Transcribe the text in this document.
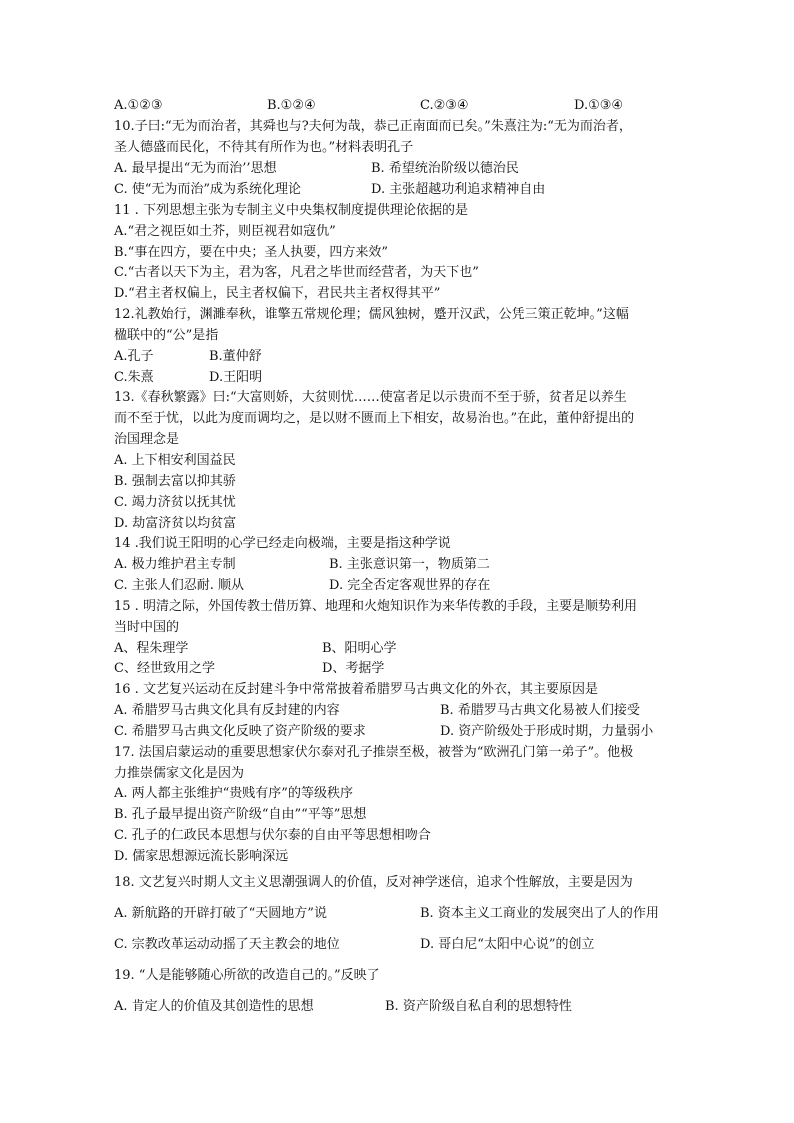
A.①②③	B.①②④	C.②③④	D.①③④
10.子曰:“无为而治者，其舜也与?夫何为哉，恭己正南面而已矣。”朱熹注为:“无为而治者，
圣人德盛而民化，不待其有所作为也。”材料表明孔子
A. 最早提出“无为而治’’思想	B. 希望统治阶级以德治民
C. 使“无为而治”成为系统化理论	D. 主张超越功利追求精神自由
11 . 下列思想主张为专制主义中央集权制度提供理论依据的是
A.“君之视臣如土芥，则臣视君如寇仇”
B.“事在四方，要在中央；圣人执要，四方来效”
C.“古者以天下为主，君为客，凡君之毕世而经营者，为天下也”
D.“君主者权偏上，民主者权偏下，君民共主者权得其平”
12.礼教始行，渊濉奉秋，谁擎五常规伦理；儒风独树，蹙开汉武，公凭三策正乾坤。”这幅
楹联中的“公”是指
A.孔子	B.董仲舒
C.朱熹	D.王阳明
13.《春秋繁露》曰:“大富则娇，大贫则忧……使富者足以示贵而不至于骄，贫者足以养生
而不至于忧，以此为度而调均之，是以财不匮而上下相安，故易治也。”在此，董仲舒提出的
治国理念是
A. 上下相安利国益民
B. 强制去富以抑其骄
C. 竭力济贫以抚其忧
D. 劫富济贫以均贫富
14 .我们说王阳明的心学已经走向极端，主要是指这种学说
A. 极力维护君主专制	B. 主张意识第一，物质第二
C. 主张人们忍耐. 顺从	D. 完全否定客观世界的存在
15 . 明清之际，外国传教士借历算、地理和火炮知识作为来华传教的手段，主要是顺势利用
当时中国的
A、程朱理学	B、阳明心学
C、经世致用之学	D、考据学
16 . 文艺复兴运动在反封建斗争中常常披着希腊罗马古典文化的外衣，其主要原因是
A. 希腊罗马古典文化具有反封建的内容	B. 希腊罗马古典文化易被人们接受
C. 希腊罗马古典文化反映了资产阶级的要求	D. 资产阶级处于形成时期，力量弱小
17. 法国启蒙运动的重要思想家伏尔泰对孔子推崇至极，被誉为“欧洲孔门第一弟子”。他极
力推崇儒家文化是因为
A. 两人都主张维护“贵贱有序”的等级秩序
B. 孔子最早提出资产阶级“自由”“平等”思想
C. 孔子的仁政民本思想与伏尔泰的自由平等思想相吻合
D. 儒家思想源远流长影响深远
18. 文艺复兴时期人文主义思潮强调人的价值，反对神学迷信，追求个性解放，主要是因为
A. 新航路的开辟打破了“天圆地方”说	B. 资本主义工商业的发展突出了人的作用
C. 宗教改革运动动摇了天主教会的地位	D. 哥白尼“太阳中心说”的创立
19. “人是能够随心所欲的改造自己的。”反映了
A. 肯定人的价值及其创造性的思想	B. 资产阶级自私自利的思想特性
